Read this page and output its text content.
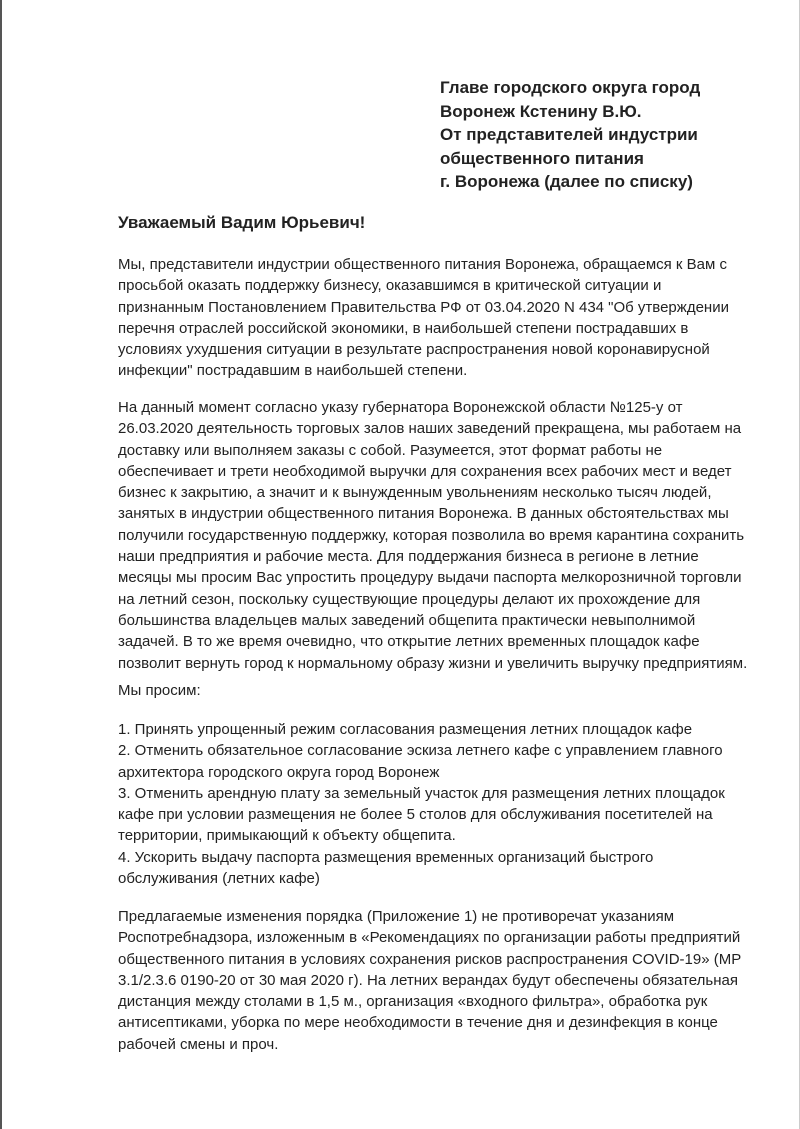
Главе городского округа город
Воронеж Кстенину В.Ю.
От представителей индустрии
общественного питания
г. Воронежа (далее по списку)
Уважаемый Вадим Юрьевич!
Мы, представители индустрии общественного питания Воронежа, обращаемся к Вам с
просьбой оказать поддержку бизнесу, оказавшимся в критической ситуации и
признанным Постановлением Правительства РФ от 03.04.2020 N 434 "Об утверждении
перечня отраслей российской экономики, в наибольшей степени пострадавших в
условиях ухудшения ситуации в результате распространения новой коронавирусной
инфекции" пострадавшим в наибольшей степени.
На данный момент согласно указу губернатора Воронежской области №125-у от
26.03.2020 деятельность торговых залов наших заведений прекращена, мы работаем на
доставку или выполняем заказы с собой. Разумеется, этот формат работы не
обеспечивает и трети необходимой выручки для сохранения всех рабочих мест и ведет
бизнес к закрытию, а значит и к вынужденным увольнениям несколько тысяч людей,
занятых в индустрии общественного питания Воронежа. В данных обстоятельствах мы
получили государственную поддержку, которая позволила во время карантина сохранить
наши предприятия и рабочие места. Для поддержания бизнеса в регионе в летние
месяцы мы просим Вас упростить процедуру выдачи паспорта мелкорозничной торговли
на летний сезон, поскольку существующие процедуры делают их прохождение для
большинства владельцев малых заведений общепита практически невыполнимой
задачей. В то же время очевидно, что открытие летних временных площадок кафе
позволит вернуть город к нормальному образу жизни и увеличить выручку предприятиям.
Мы просим:
1. Принять упрощенный режим согласования размещения летних площадок кафе
2. Отменить обязательное согласование эскиза летнего кафе с управлением главного
архитектора городского округа город Воронеж
3. Отменить арендную плату за земельный участок для размещения летних площадок
кафе при условии размещения не более 5 столов для обслуживания посетителей на
территории, примыкающий к объекту общепита.
4. Ускорить выдачу паспорта размещения временных организаций быстрого
обслуживания (летних кафе)
Предлагаемые изменения порядка (Приложение 1) не противоречат указаниям
Роспотребнадзора, изложенным в «Рекомендациях по организации работы предприятий
общественного питания в условиях сохранения рисков распространения COVID-19» (МР
3.1/2.3.6 0190-20 от 30 мая 2020 г). На летних верандах будут обеспечены обязательная
дистанция между столами в 1,5 м., организация «входного фильтра», обработка рук
антисептиками, уборка по мере необходимости в течение дня и дезинфекция в конце
рабочей смены и проч.
